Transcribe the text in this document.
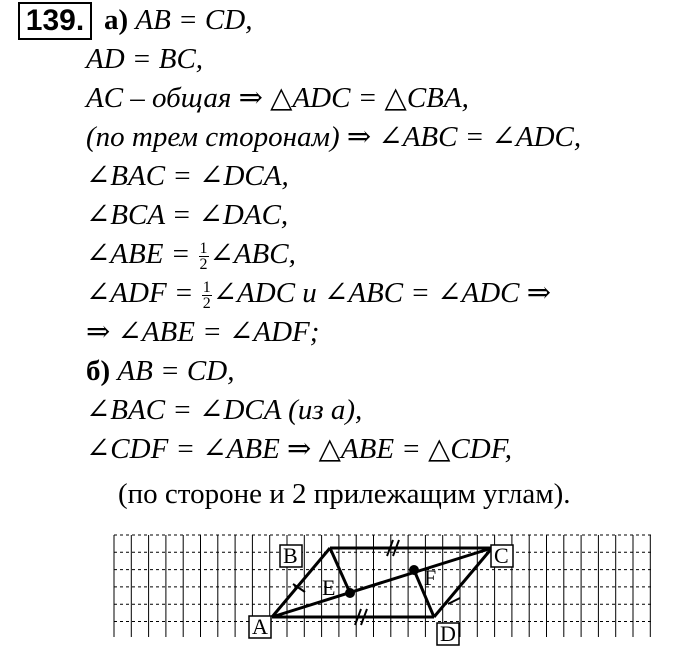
139. а) AB = CD,
AD = BC,
AC – общая ⇒ △ADC = △CBA,
(по трем сторонам) ⇒ ∠ABC = ∠ADC,
∠BAC = ∠DCA,
∠BCA = ∠DAC,
∠ABE = $\frac{1}{2}$ ∠ABC,
∠ADF = $\frac{1}{2}$ ∠ADC и ∠ABC = ∠ADC ⇒
⇒ ∠ABE = ∠ADF;
б) AB = CD,
∠BAC = ∠DCA (из а),
∠CDF = ∠ABE ⇒ △ABE = △CDF,
(по стороне и 2 прилежащим углам).
A
B	C
D
E	F
